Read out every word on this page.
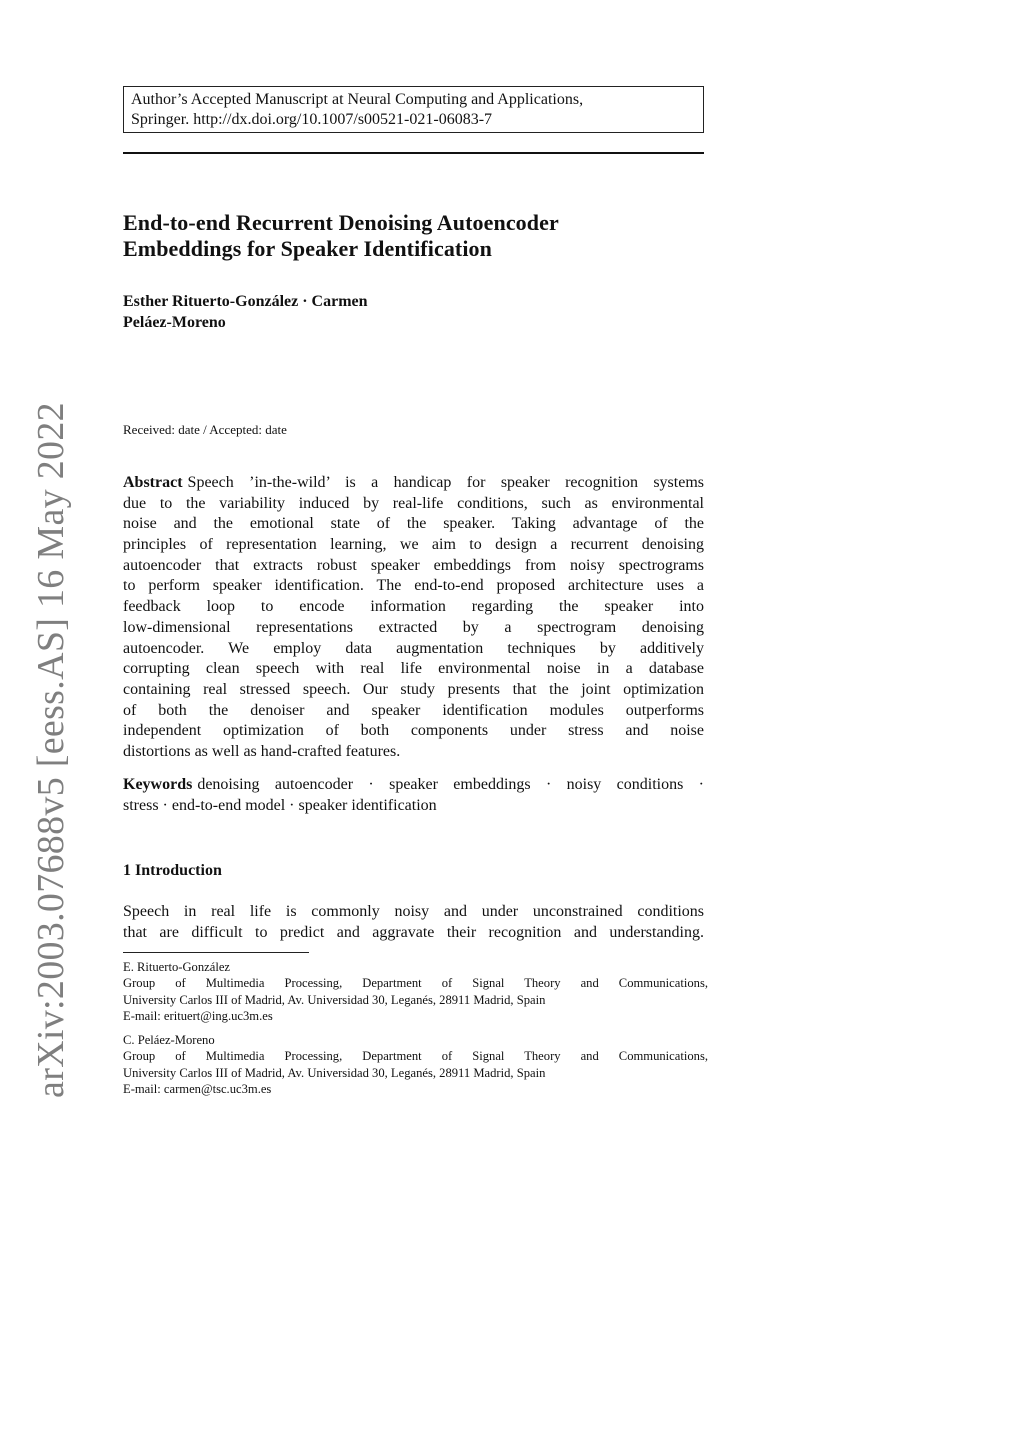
Author’s Accepted Manuscript at Neural Computing and Applications,
Springer. http://dx.doi.org/10.1007/s00521-021-06083-7
End-to-end Recurrent Denoising Autoencoder
Embeddings for Speaker Identification
Esther Rituerto-González · Carmen
Peláez-Moreno
Received: date / Accepted: date
Abstract Speech ’in-the-wild’ is a handicap for speaker recognition systems
due to the variability induced by real-life conditions, such as environmental
noise and the emotional state of the speaker. Taking advantage of the
principles of representation learning, we aim to design a recurrent denoising
autoencoder that extracts robust speaker embeddings from noisy spectrograms
to perform speaker identification. The end-to-end proposed architecture uses a
feedback loop to encode information regarding the speaker into
low-dimensional representations extracted by a spectrogram denoising
autoencoder. We employ data augmentation techniques by additively
corrupting clean speech with real life environmental noise in a database
containing real stressed speech. Our study presents that the joint optimization
of both the denoiser and speaker identification modules outperforms
independent optimization of both components under stress and noise
distortions as well as hand-crafted features.
Keywords denoising autoencoder · speaker embeddings · noisy conditions ·
stress · end-to-end model · speaker identification
1 Introduction
Speech in real life is commonly noisy and under unconstrained conditions
that are difficult to predict and aggravate their recognition and understanding.
E. Rituerto-González
Group of Multimedia Processing, Department of Signal Theory and Communications,
University Carlos III of Madrid, Av. Universidad 30, Leganés, 28911 Madrid, Spain
E-mail: erituert@ing.uc3m.es
C. Peláez-Moreno
Group of Multimedia Processing, Department of Signal Theory and Communications,
University Carlos III of Madrid, Av. Universidad 30, Leganés, 28911 Madrid, Spain
E-mail: carmen@tsc.uc3m.es
arXiv:2003.07688v5 [eess.AS] 16 May 2022
